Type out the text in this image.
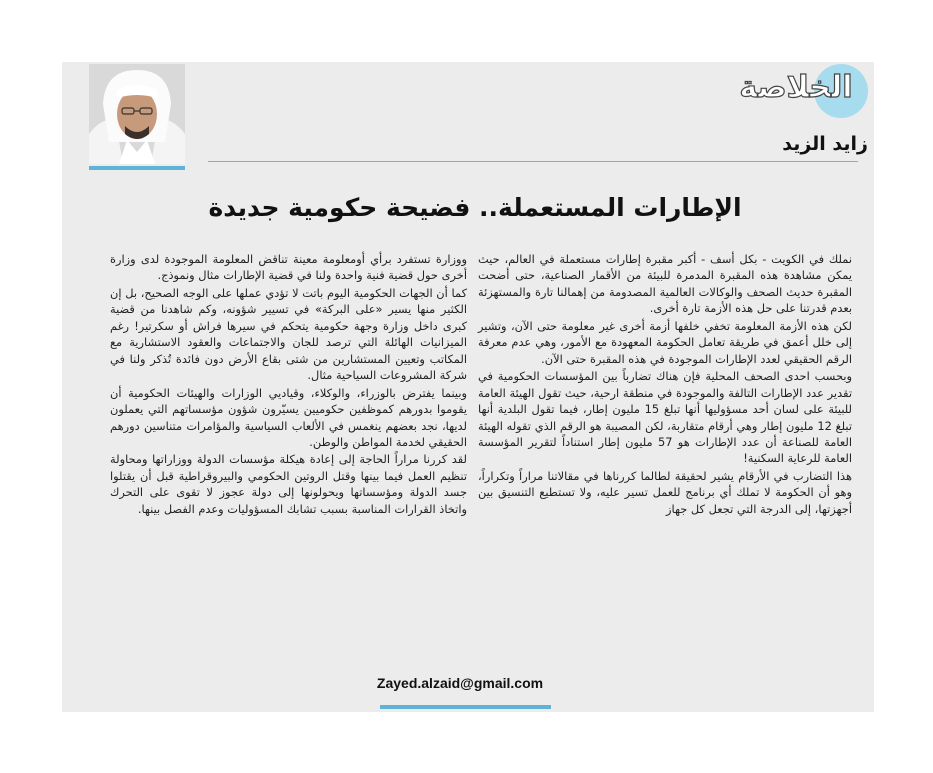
الخلاصة
زايد الزيد
الإطارات المستعملة.. فضيحة حكومية جديدة

نملك في الكويت - بكل أسف - أكبر مقبرة إطارات مستعملة في العالم، حيث يمكن مشاهدة هذه المقبرة المدمرة للبيئة من الأقمار الصناعية، حتى أضحت المقبرة حديث الصحف والوكالات العالمية المصدومة من إهمالنا تارة والمستهزئة بعدم قدرتنا على حل هذه الأزمة تارة أخرى.

لكن هذه الأزمة المعلومة تخفي خلفها أزمة أخرى غير معلومة حتى الآن، وتشير إلى خلل أعمق في طريقة تعامل الحكومة المعهودة مع الأمور، وهي عدم معرفة الرقم الحقيقي لعدد الإطارات الموجودة في هذه المقبرة حتى الآن.

وبحسب احدى الصحف المحلية فإن هناك تضارباً بين المؤسسات الحكومية في تقدير عدد الإطارات التالفة والموجودة في منطقة ارحية، حيث تقول الهيئة العامة للبيئة على لسان أحد مسؤوليها أنها تبلغ 15 مليون إطار، فيما تقول البلدية أنها تبلغ 12 مليون إطار وهي أرقام متقاربة، لكن المصيبة هو الرقم الذي تقوله الهيئة العامة للصناعة أن عدد الإطارات هو 57 مليون إطار استناداً لتقرير المؤسسة العامة للرعاية السكنية!

هذا التضارب في الأرقام يشير لحقيقة لطالما كررناها في مقالاتنا مراراً وتكراراً، وهو أن الحكومة لا تملك أي برنامج للعمل تسير عليه، ولا تستطيع التنسيق بين أجهزتها، إلى الدرجة التي تجعل كل جهاز

ووزارة تستفرد برأي أومعلومة معينة تناقض المعلومة الموجودة لدى وزارة أخرى حول قضية فنية واحدة ولنا في قضية الإطارات مثال ونموذج.

كما أن الجهات الحكومية اليوم باتت لا تؤدي عملها على الوجه الصحيح، بل إن الكثير منها يسير «على البركة» في تسيير شؤونه، وكم شاهدنا من قضية كبرى داخل وزارة وجهة حكومية يتحكم في سيرها فراش أو سكرتير! رغم الميزانيات الهائلة التي ترصد للجان والاجتماعات والعقود الاستشارية مع المكاتب وتعيين المستشارين من شتى بقاع الأرض دون فائدة تُذكر ولنا في شركة المشروعات السياحية مثال.

وبينما يفترض بالوزراء، والوكلاء، وقياديي الوزارات والهيئات الحكومية أن يقوموا بدورهم كموظفين حكوميين يسيّرون شؤون مؤسساتهم التي يعملون لديها، نجد بعضهم ينغمس في الألعاب السياسية والمؤامرات متناسين دورهم الحقيقي لخدمة المواطن والوطن.

لقد كررنا مراراً الحاجة إلى إعادة هيكلة مؤسسات الدولة ووزاراتها ومحاولة تنظيم العمل فيما بينها وقتل الروتين الحكومي والبيروقراطية قبل أن يقتلوا جسد الدولة ومؤسساتها ويحولونها إلى دولة عجوز لا تقوى على التحرك واتخاذ القرارات المناسبة بسبب تشابك المسؤوليات وعدم الفصل بينها.

Zayed.alzaid@gmail.com
